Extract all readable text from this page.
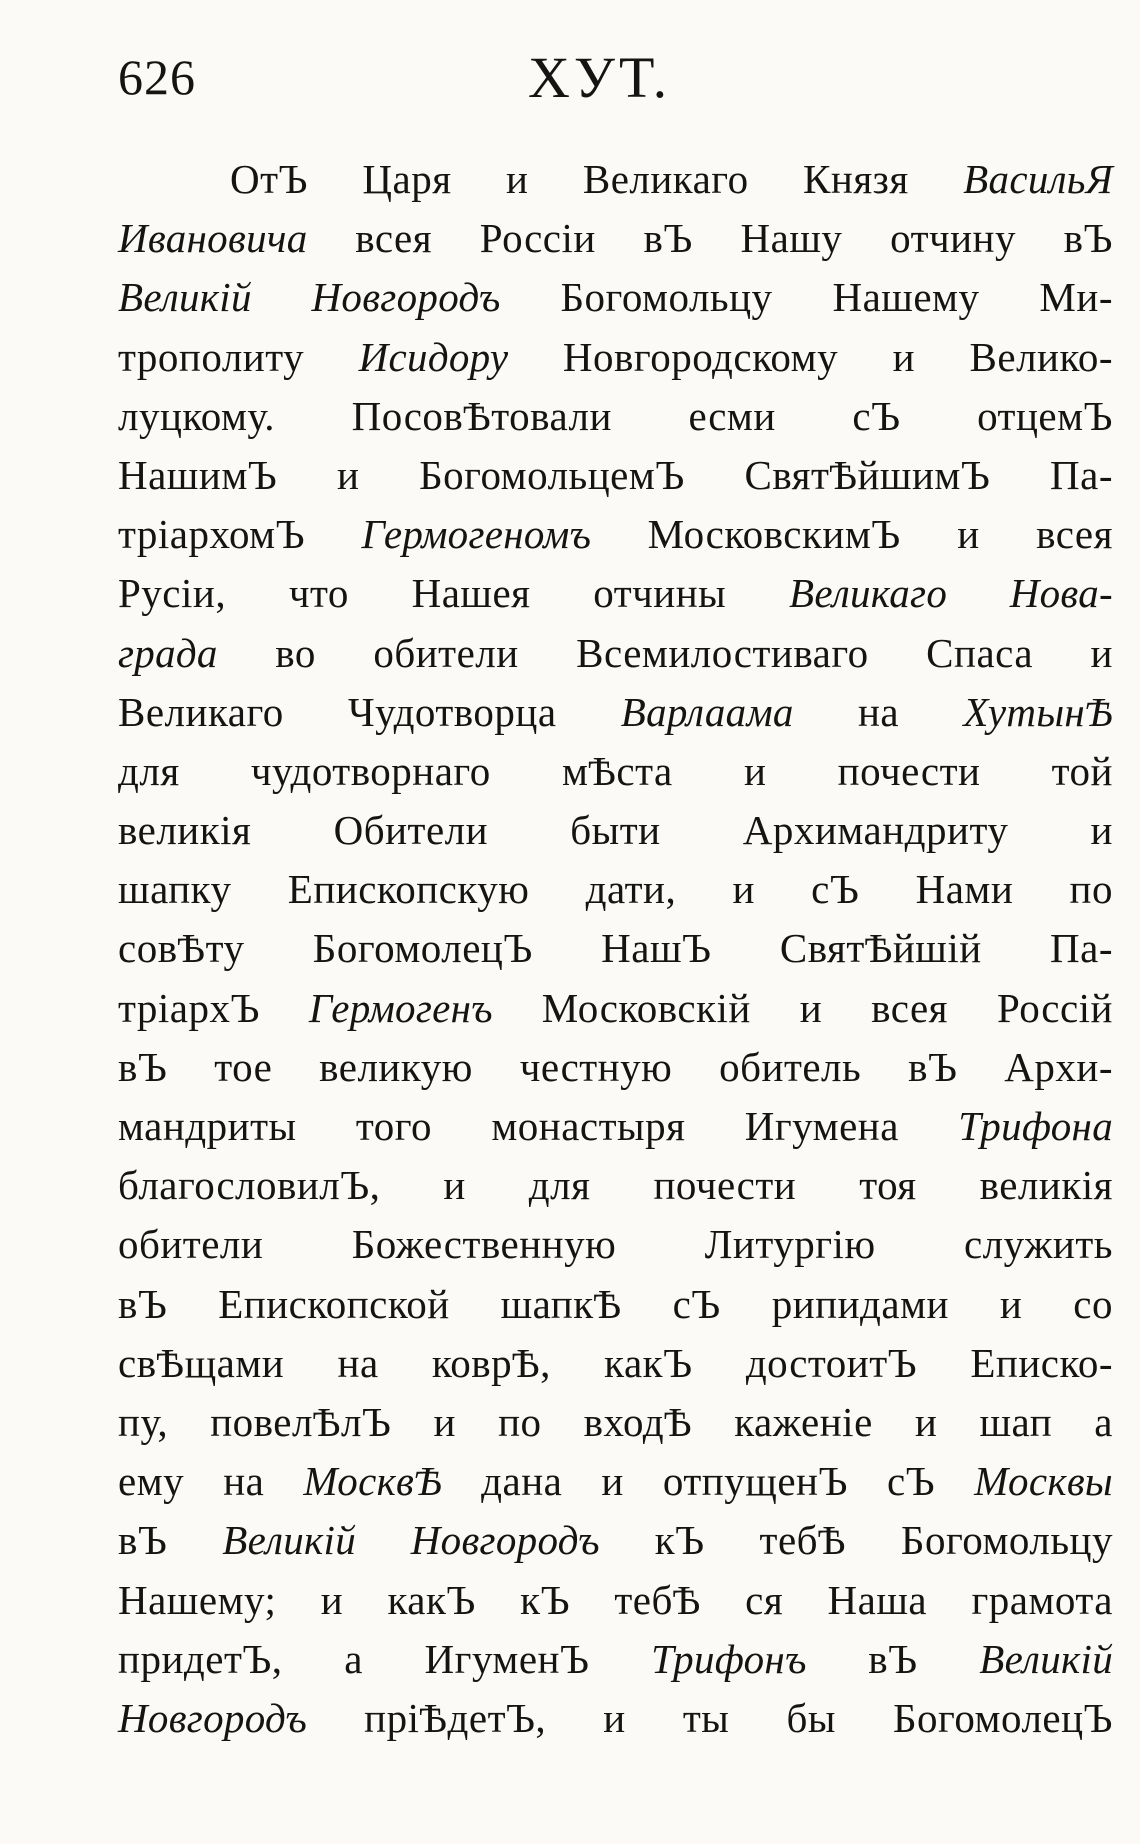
626	ХУТ.
ОтЪ Царя и Великаго Князя ВасильЯ
Ивановича всея Россіи вЪ Нашу отчину вЪ
Великій Новгородъ Богомольцу Нашему Ми-
трополиту Исидору Новгородскому и Велико-
луцкому. ПосовѢтовали есми сЪ отцемЪ
НашимЪ и БогомольцемЪ СвятѢйшимЪ Па-
тріархомЪ Гермогеномъ МосковскимЪ и всея
Русіи, что Нашея отчины Великаго Нова-
града во обители Всемилостиваго Спаса и
Великаго Чудотворца Варлаама на ХутынѢ
для чудотворнаго мѢста и почести той
великія Обители быти Архимандриту и
шапку Епископскую дати, и сЪ Нами по
совѢту БогомолецЪ НашЪ СвятѢйшій Па-
тріархЪ Гермогенъ Московскій и всея Россій
вЪ тое великую честную обитель вЪ Архи-
мандриты того монастыря Игумена Трифона
благословилЪ, и для почести тоя великія
обители Божественную Литургію служить
вЪ Епископской шапкѢ сЪ рипидами и со
свѢщами на коврѢ, какЪ достоитЪ Еписко-
пу, повелѢлЪ и по входѢ каженіе и шап а
ему на МосквѢ дана и отпущенЪ сЪ Москвы
вЪ Великій Новгородъ кЪ тебѢ Богомольцу
Нашему; и какЪ кЪ тебѢ ся Наша грамота
придетЪ, а ИгуменЪ Трифонъ вЪ Великій
Новгородъ пріѢдетЪ, и ты бы БогомолецЪ
